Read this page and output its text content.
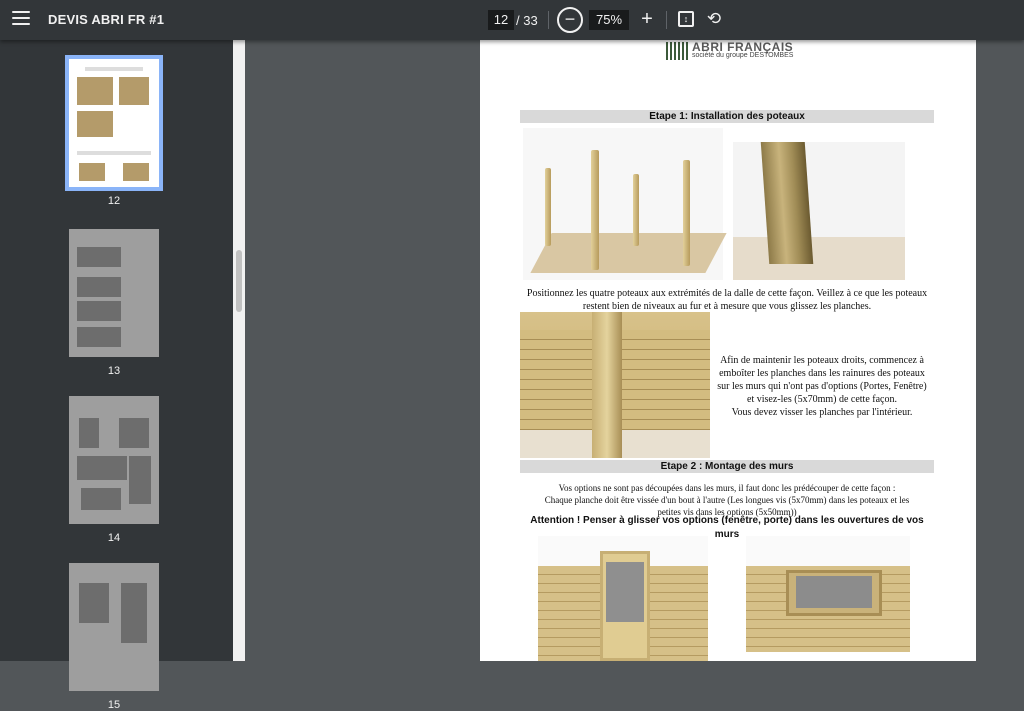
DEVIS ABRI FR #1	12 / 33	−	75% +	↕	⟲
12
13
14
15
ABRI FRANÇAIS
société du groupe DESTOMBES
Etape 1: Installation des poteaux
Positionnez les quatre poteaux aux extrémités de la dalle de cette façon. Veillez à ce que les poteaux restent bien de niveaux au fur et à mesure que vous glissez les planches.
Afin de maintenir les poteaux droits, commencez à
emboîter les planches dans les rainures des poteaux
sur les murs qui n'ont pas d'options (Portes, Fenêtre)
et visez-les (5x70mm) de cette façon.
Vous devez visser les planches par l'intérieur.
Etape 2 : Montage des murs
Vos options ne sont pas découpées dans les murs, il faut donc les prédécouper de cette façon :
Chaque planche doit être vissée d'un bout à l'autre (Les longues vis (5x70mm) dans les poteaux et les
petites vis dans les options (5x50mm))
Attention ! Penser à glisser vos options (fenêtre, porte) dans les ouvertures de vos
murs
